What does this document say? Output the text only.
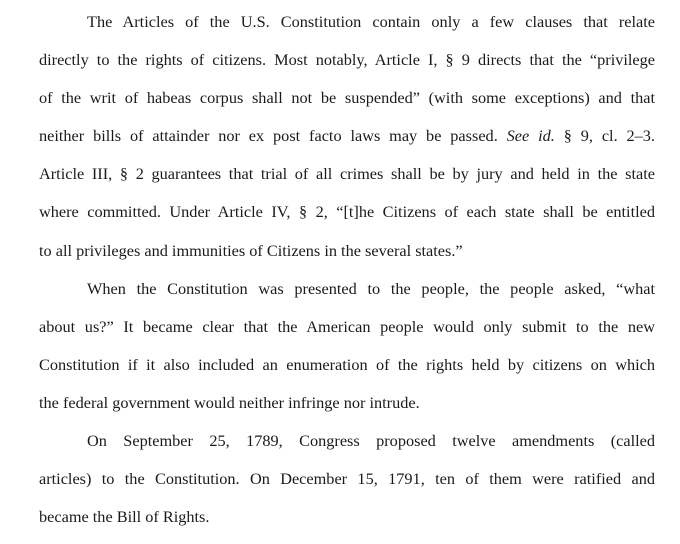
The Articles of the U.S. Constitution contain only a few clauses that relate
directly to the rights of citizens. Most notably, Article I, § 9 directs that the “privilege
of the writ of habeas corpus shall not be suspended” (with some exceptions) and that
neither bills of attainder nor ex post facto laws may be passed. See id. § 9, cl. 2–3.
Article III, § 2 guarantees that trial of all crimes shall be by jury and held in the state
where committed. Under Article IV, § 2, “[t]he Citizens of each state shall be entitled
to all privileges and immunities of Citizens in the several states.”
When the Constitution was presented to the people, the people asked, “what
about us?” It became clear that the American people would only submit to the new
Constitution if it also included an enumeration of the rights held by citizens on which
the federal government would neither infringe nor intrude.
On September 25, 1789, Congress proposed twelve amendments (called
articles) to the Constitution. On December 15, 1791, ten of them were ratified and
became the Bill of Rights.
